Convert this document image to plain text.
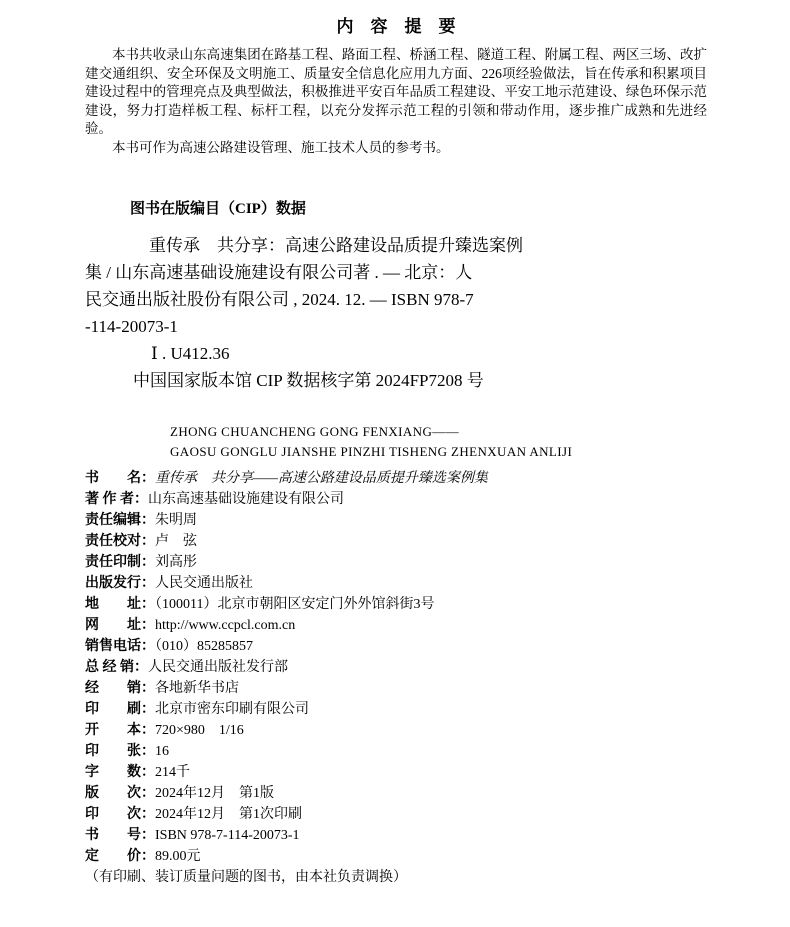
内　容　提　要

本书共收录山东高速集团在路基工程、路面工程、桥涵工程、隧道工程、附属工程、两区三场、改扩建交通组织、安全环保及文明施工、质量安全信息化应用九方面、226项经验做法，旨在传承和积累项目建设过程中的管理亮点及典型做法，积极推进平安百年品质工程建设、平安工地示范建设、绿色环保示范建设，努力打造样板工程、标杆工程，以充分发挥示范工程的引领和带动作用，逐步推广成熟和先进经验。

本书可作为高速公路建设管理、施工技术人员的参考书。

图书在版编目（CIP）数据
重传承　共分享：高速公路建设品质提升臻选案例
集 / 山东高速基础设施建设有限公司著 . — 北京：人
民交通出版社股份有限公司 , 2024. 12. — ISBN 978-7
-114-20073-1
Ⅰ . U412.36
中国国家版本馆 CIP 数据核字第 2024FP7208 号
ZHONG CHUANCHENG GONG FENXIANG——
GAOSU GONGLU JIANSHE PINZHI TISHENG ZHENXUAN ANLIJI
书　　名：重传承　共分享——高速公路建设品质提升臻选案例集
著 作 者：山东高速基础设施建设有限公司
责任编辑：朱明周
责任校对：卢　弦
责任印制：刘高彤
出版发行：人民交通出版社
地　　址：（100011）北京市朝阳区安定门外外馆斜街3号
网　　址：http://www.ccpcl.com.cn
销售电话：（010）85285857
总 经 销：人民交通出版社发行部
经　　销：各地新华书店
印　　刷：北京市密东印刷有限公司
开　　本：720×980　1/16
印　　张：16
字　　数：214千
版　　次：2024年12月　第1版
印　　次：2024年12月　第1次印刷
书　　号：ISBN 978-7-114-20073-1
定　　价：89.00元

（有印刷、装订质量问题的图书，由本社负责调换）
